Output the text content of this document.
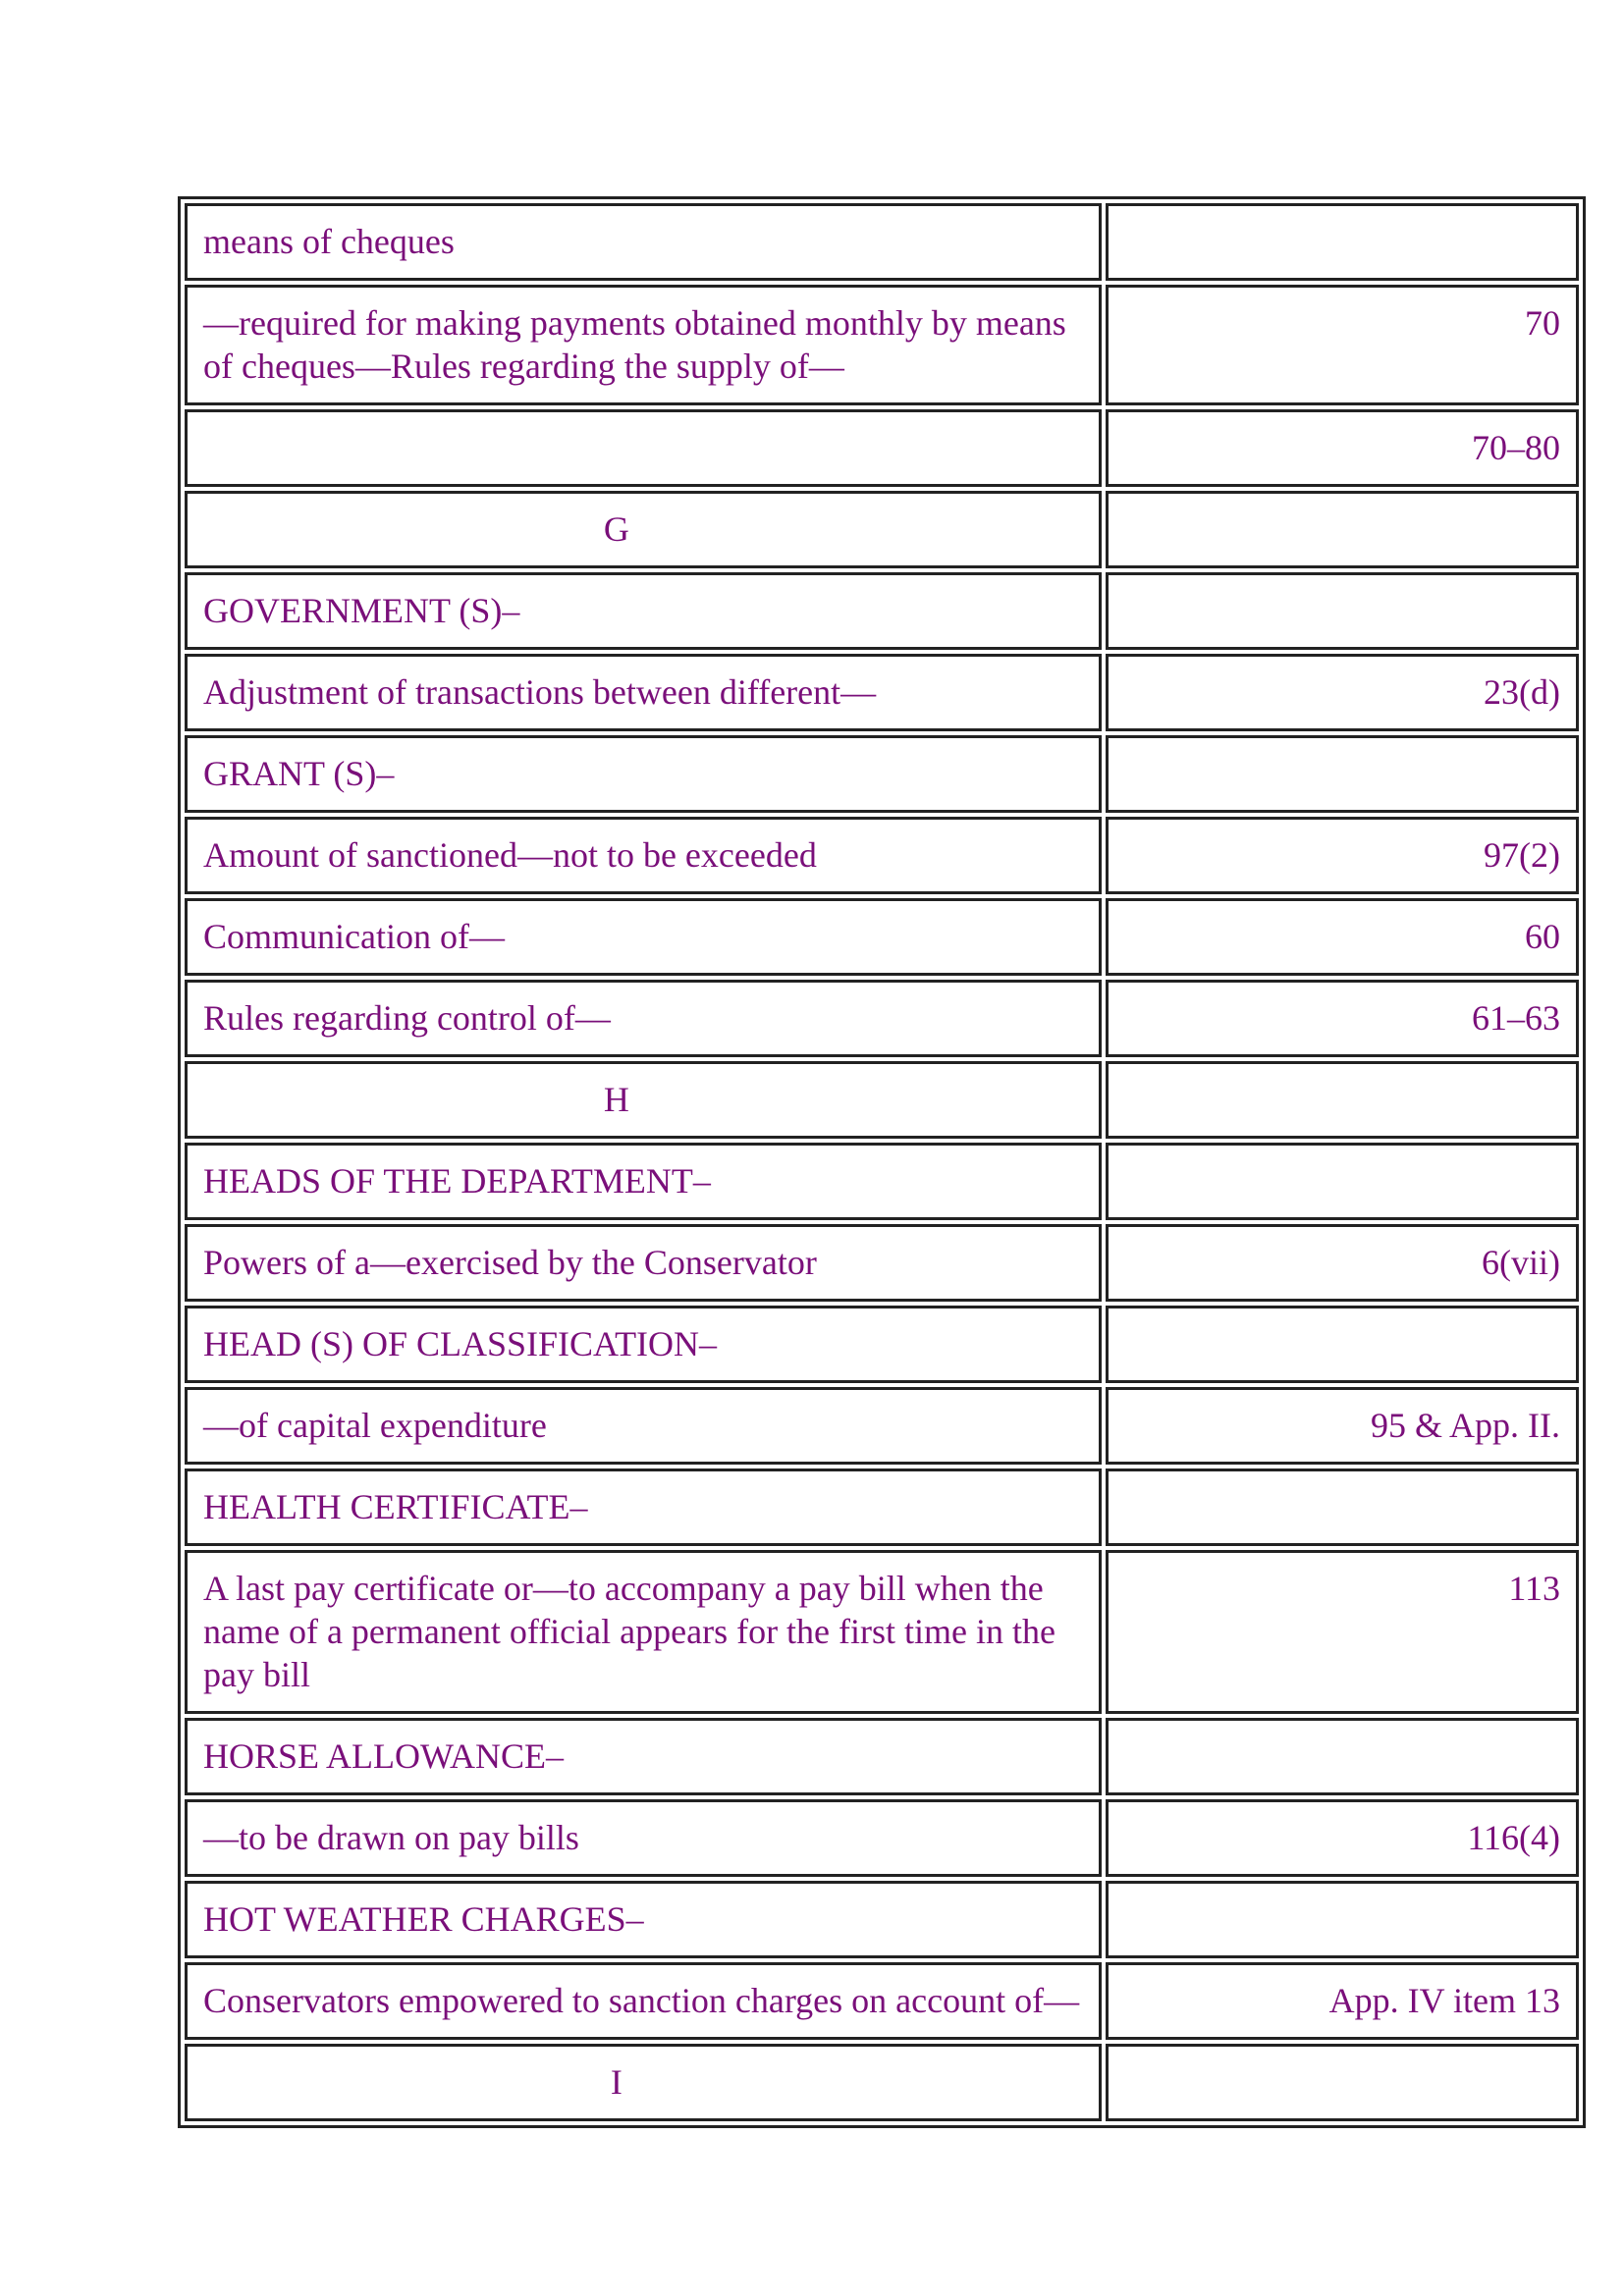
means of cheques	
—required for making payments obtained monthly by means of cheques—Rules regarding the supply of—	70
	70–80
G	
GOVERNMENT (S)–	
Adjustment of transactions between different—	23(d)
GRANT (S)–	
Amount of sanctioned—not to be exceeded	97(2)
Communication of—	60
Rules regarding control of—	61–63
H	
HEADS OF THE DEPARTMENT–	
Powers of a—exercised by the Conservator	6(vii)
HEAD (S) OF CLASSIFICATION–	
—of capital expenditure	95 & App. II.
HEALTH CERTIFICATE–	
A last pay certificate or—to accompany a pay bill when the name of a permanent official appears for the first time in the pay bill	113
HORSE ALLOWANCE–	
—to be drawn on pay bills	116(4)
HOT WEATHER CHARGES–	
Conservators empowered to sanction charges on account of—	App. IV item 13
I	
